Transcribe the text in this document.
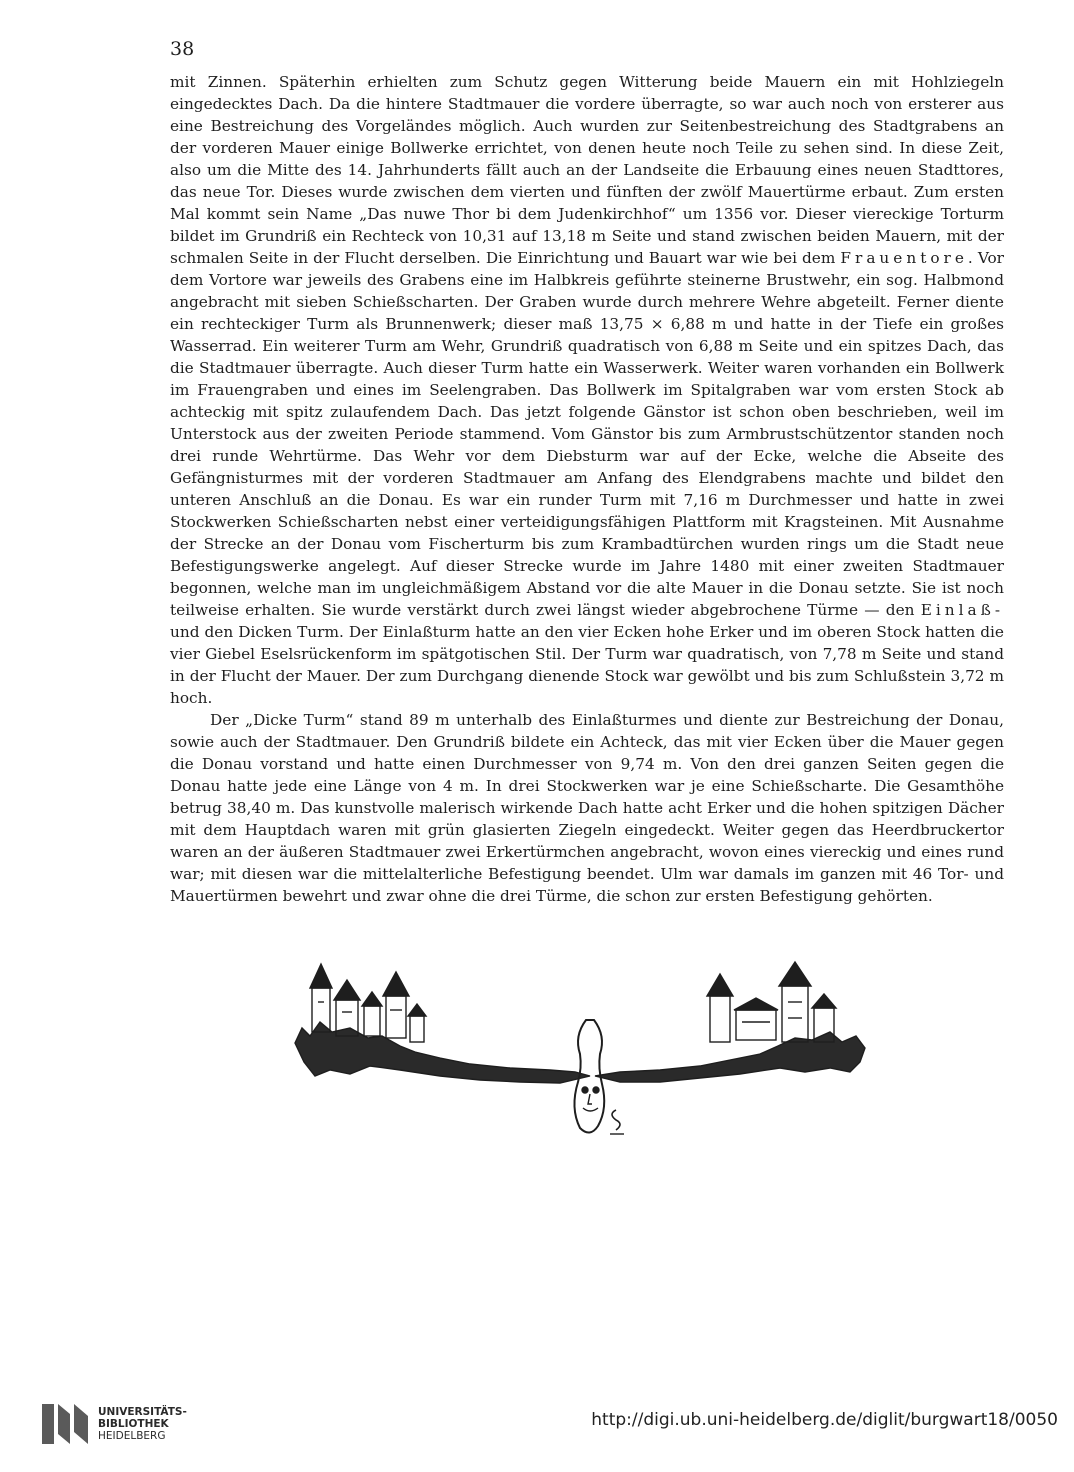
38

mit Zinnen. Späterhin erhielten zum Schutz gegen Witterung beide Mauern ein mit Hohlziegeln eingedecktes Dach. Da die hintere Stadtmauer die vordere überragte, so war auch noch von ersterer aus eine Bestreichung des Vorgeländes möglich. Auch wurden zur Seitenbestreichung des Stadtgrabens an der vorderen Mauer einige Bollwerke errichtet, von denen heute noch Teile zu sehen sind. In diese Zeit, also um die Mitte des 14. Jahrhunderts fällt auch an der Landseite die Erbauung eines neuen Stadttores, das neue Tor. Dieses wurde zwischen dem vierten und fünften der zwölf Mauertürme erbaut. Zum ersten Mal kommt sein Name „Das nuwe Thor bi dem Judenkirchhof“ um 1356 vor. Dieser viereckige Torturm bildet im Grundriß ein Rechteck von 10,31 auf 13,18 m Seite und stand zwischen beiden Mauern, mit der schmalen Seite in der Flucht derselben. Die Einrichtung und Bauart war wie bei dem Frauentore. Vor dem Vortore war jeweils des Grabens eine im Halbkreis geführte steinerne Brustwehr, ein sog. Halbmond angebracht mit sieben Schießscharten. Der Graben wurde durch mehrere Wehre abgeteilt. Ferner diente ein rechteckiger Turm als Brunnenwerk; dieser maß 13,75 × 6,88 m und hatte in der Tiefe ein großes Wasserrad. Ein weiterer Turm am Wehr, Grundriß quadratisch von 6,88 m Seite und ein spitzes Dach, das die Stadtmauer überragte. Auch dieser Turm hatte ein Wasserwerk. Weiter waren vorhanden ein Bollwerk im Frauengraben und eines im Seelengraben. Das Bollwerk im Spitalgraben war vom ersten Stock ab achteckig mit spitz zulaufendem Dach. Das jetzt folgende Gänstor ist schon oben beschrieben, weil im Unterstock aus der zweiten Periode stammend. Vom Gänstor bis zum Armbrustschützentor standen noch drei runde Wehrtürme. Das Wehr vor dem Diebsturm war auf der Ecke, welche die Abseite des Gefängnisturmes mit der vorderen Stadtmauer am Anfang des Elendgrabens machte und bildet den unteren Anschluß an die Donau. Es war ein runder Turm mit 7,16 m Durchmesser und hatte in zwei Stockwerken Schießscharten nebst einer verteidigungsfähigen Plattform mit Kragsteinen. Mit Ausnahme der Strecke an der Donau vom Fischerturm bis zum Krambadtürchen wurden rings um die Stadt neue Befestigungswerke angelegt. Auf dieser Strecke wurde im Jahre 1480 mit einer zweiten Stadtmauer begonnen, welche man im ungleichmäßigem Abstand vor die alte Mauer in die Donau setzte. Sie ist noch teilweise erhalten. Sie wurde verstärkt durch zwei längst wieder abgebrochene Türme — den Einlaß- und den Dicken Turm. Der Einlaßturm hatte an den vier Ecken hohe Erker und im oberen Stock hatten die vier Giebel Eselsrückenform im spätgotischen Stil. Der Turm war quadratisch, von 7,78 m Seite und stand in der Flucht der Mauer. Der zum Durchgang dienende Stock war gewölbt und bis zum Schlußstein 3,72 m hoch.

Der „Dicke Turm“ stand 89 m unterhalb des Einlaßturmes und diente zur Bestreichung der Donau, sowie auch der Stadtmauer. Den Grundriß bildete ein Achteck, das mit vier Ecken über die Mauer gegen die Donau vorstand und hatte einen Durchmesser von 9,74 m. Von den drei ganzen Seiten gegen die Donau hatte jede eine Länge von 4 m. In drei Stockwerken war je eine Schießscharte. Die Gesamthöhe betrug 38,40 m. Das kunstvolle malerisch wirkende Dach hatte acht Erker und die hohen spitzigen Dächer mit dem Hauptdach waren mit grün glasierten Ziegeln eingedeckt. Weiter gegen das Heerdbruckertor waren an der äußeren Stadtmauer zwei Erkertürmchen angebracht, wovon eines viereckig und eines rund war; mit diesen war die mittelalterliche Befestigung beendet. Ulm war damals im ganzen mit 46 Tor- und Mauertürmen bewehrt und zwar ohne die drei Türme, die schon zur ersten Befestigung gehörten.

UNIVERSITÄTS-
BIBLIOTHEK
HEIDELBERG
http://digi.ub.uni-heidelberg.de/diglit/burgwart18/0050
